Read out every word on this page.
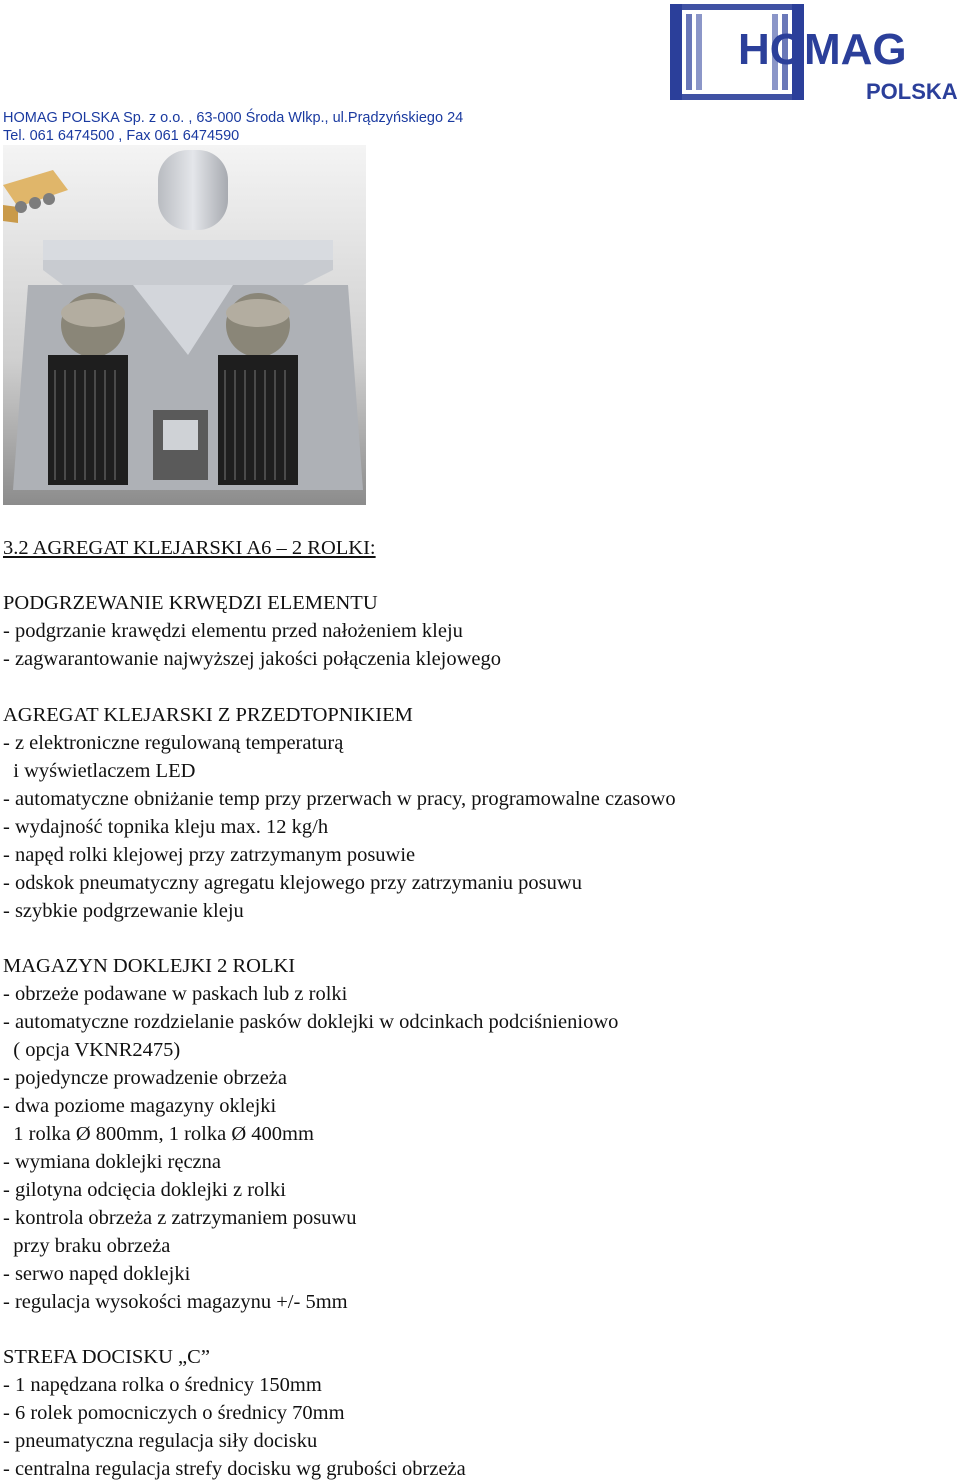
HOMAG POLSKA Sp. z o.o. , 63-000 Środa Wlkp., ul.Prądzyńskiego 24
Tel. 061 6474500 , Fax 061 6474590
HOMAG
POLSKA
3.2 AGREGAT KLEJARSKI A6 – 2 ROLKI:
PODGRZEWANIE KRWĘDZI ELEMENTU
- podgrzanie krawędzi elementu przed nałożeniem kleju
- zagwarantowanie najwyższej jakości połączenia klejowego
AGREGAT KLEJARSKI Z PRZEDTOPNIKIEM
- z elektroniczne regulowaną temperaturą
i wyświetlaczem LED
- automatyczne obniżanie temp przy przerwach w pracy, programowalne czasowo
- wydajność topnika kleju max. 12 kg/h
- napęd rolki klejowej przy zatrzymanym posuwie
- odskok pneumatyczny agregatu klejowego przy zatrzymaniu posuwu
- szybkie podgrzewanie kleju
MAGAZYN DOKLEJKI 2 ROLKI
- obrzeże podawane w paskach lub z rolki
- automatyczne rozdzielanie pasków doklejki w odcinkach podciśnieniowo
( opcja VKNR2475)
- pojedyncze prowadzenie obrzeża
- dwa poziome magazyny oklejki
1 rolka Ø 800mm, 1 rolka Ø 400mm
- wymiana doklejki ręczna
- gilotyna odcięcia doklejki z rolki
- kontrola obrzeża z zatrzymaniem posuwu
przy braku obrzeża
- serwo napęd doklejki
- regulacja wysokości magazynu +/- 5mm
STREFA DOCISKU „C”
- 1 napędzana rolka o średnicy 150mm
- 6 rolek pomocniczych o średnicy 70mm
- pneumatyczna regulacja siły docisku
- centralna regulacja strefy docisku wg grubości obrzeża
